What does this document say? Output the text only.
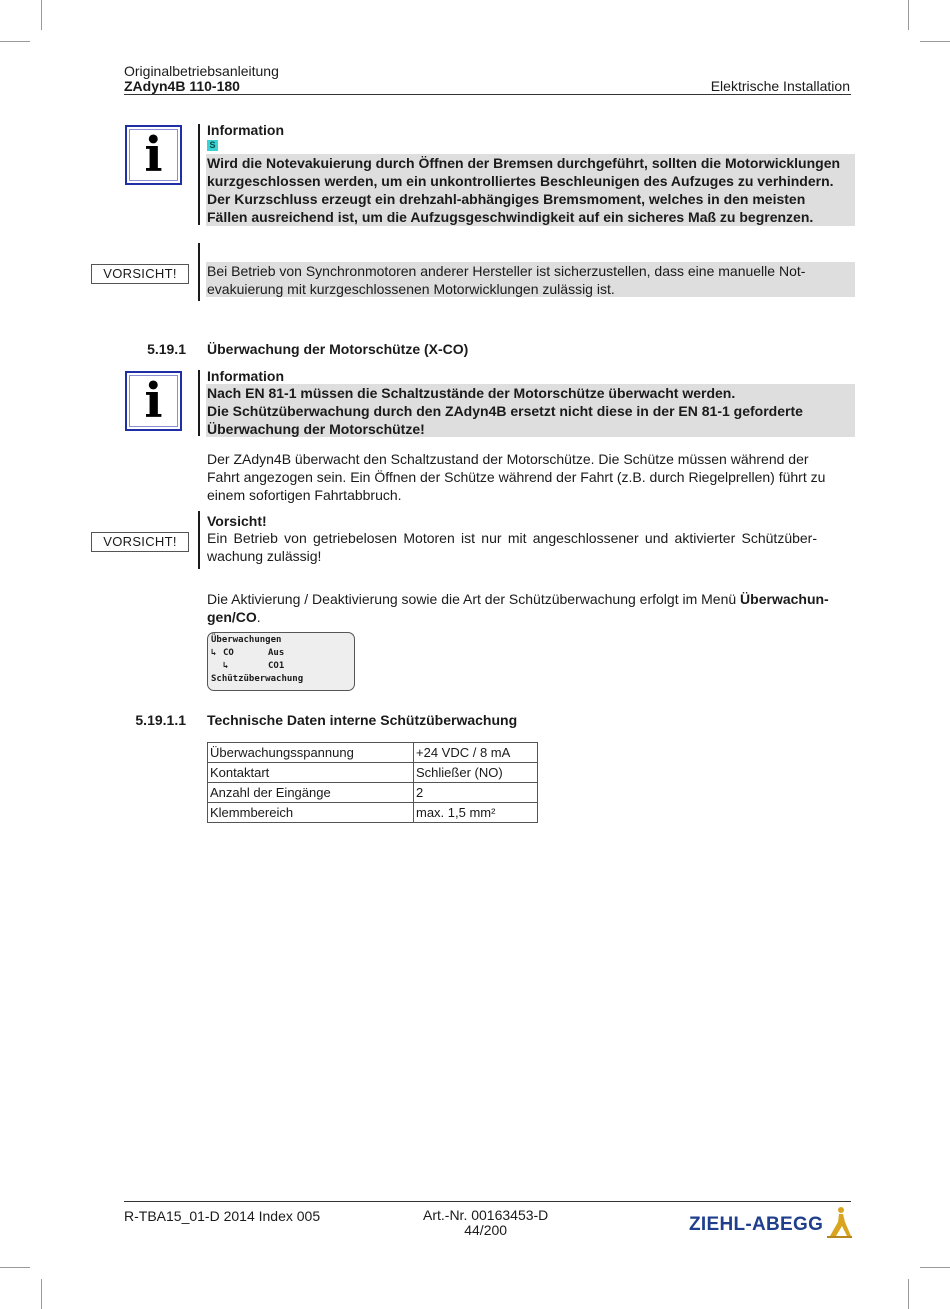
Originalbetriebsanleitung
ZAdyn4B 110-180	Elektrische Installation
i	Information
S
Wird die Notevakuierung durch Öffnen der Bremsen durchgeführt, sollten die Motorwicklungen
kurzgeschlossen werden, um ein unkontrolliertes Beschleunigen des Aufzuges zu verhindern.
Der Kurzschluss erzeugt ein drehzahl-abhängiges Bremsmoment, welches in den meisten
Fällen ausreichend ist, um die Aufzugsgeschwindigkeit auf ein sicheres Maß zu begrenzen.
VORSICHT!	Bei Betrieb von Synchronmotoren anderer Hersteller ist sicherzustellen, dass eine manuelle Not-
evakuierung mit kurzgeschlossenen Motorwicklungen zulässig ist.
5.19.1 Überwachung der Motorschütze (X-CO)
i	Information
Nach EN 81-1 müssen die Schaltzustände der Motorschütze überwacht werden.
Die Schützüberwachung durch den ZAdyn4B ersetzt nicht diese in der EN 81-1 geforderte
Überwachung der Motorschütze!
Der ZAdyn4B überwacht den Schaltzustand der Motorschütze. Die Schütze müssen während der
Fahrt angezogen sein. Ein Öffnen der Schütze während der Fahrt (z.B. durch Riegelprellen) führt zu
einem sofortigen Fahrtabbruch.
VORSICHT!
Vorsicht!
Ein Betrieb von getriebelosen Motoren ist nur mit angeschlossener und aktivierter Schützüber-
wachung zulässig!
Die Aktivierung / Deaktivierung sowie die Art der Schützüberwachung erfolgt im Menü Überwachun-
gen/CO.
Überwachungen
↳ CO	Aus
↳	CO1
Schützüberwachung
5.19.1.1 Technische Daten interne Schützüberwachung
Überwachungsspannung	+24 VDC / 8 mA
Kontaktart	Schließer (NO)
Anzahl der Eingänge	2
Klemmbereich	max. 1,5 mm²
R-TBA15_01-D 2014 Index 005	Art.-Nr. 00163453-D
44/200	ZIEHL-ABEGG
